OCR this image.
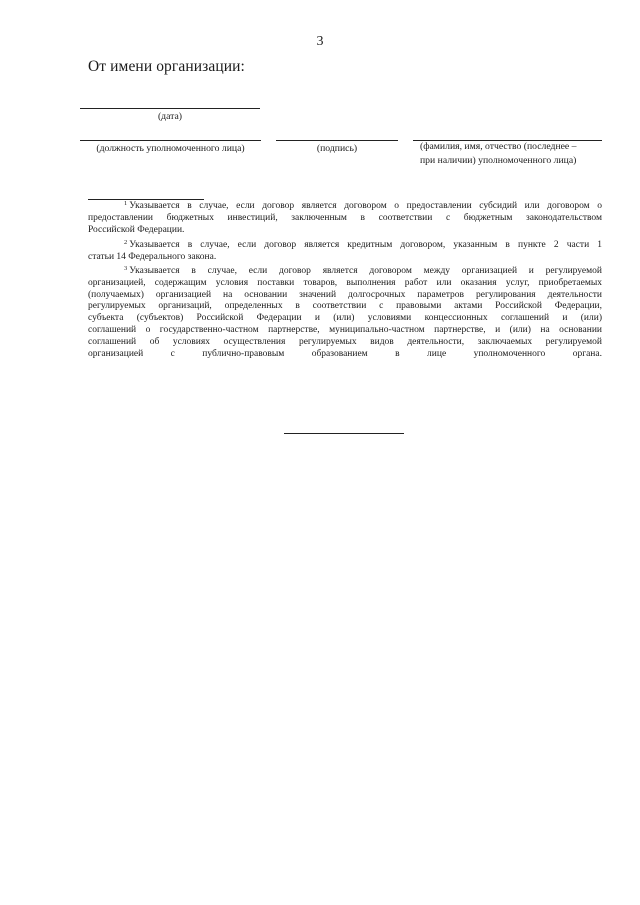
3
От имени организации:
(дата)
(должность уполномоченного лица)	(подпись)	(фамилия, имя, отчество (последнее –
при наличии) уполномоченного лица)
$^1$ Указывается в случае, если договор является договором о предоставлении субсидий или договором о
предоставлении бюджетных инвестиций, заключенным в соответствии с бюджетным законодательством
Российской Федерации.
$^2$ Указывается в случае, если договор является кредитным договором, указанным в пункте 2 части 1
статьи 14 Федерального закона.
$^3$ Указывается в случае, если договор является договором между организацией и регулируемой
организацией, содержащим условия поставки товаров, выполнения работ или оказания услуг, приобретаемых
(получаемых) организацией на основании значений долгосрочных параметров регулирования деятельности
регулируемых организаций, определенных в соответствии с правовыми актами Российской Федерации,
субъекта (субъектов) Российской Федерации и (или) условиями концессионных соглашений и (или)
соглашений о государственно-частном партнерстве, муниципально-частном партнерстве, и (или) на основании
соглашений об условиях осуществления регулируемых видов деятельности, заключаемых регулируемой
организацией с публично-правовым образованием в лице уполномоченного органа.
